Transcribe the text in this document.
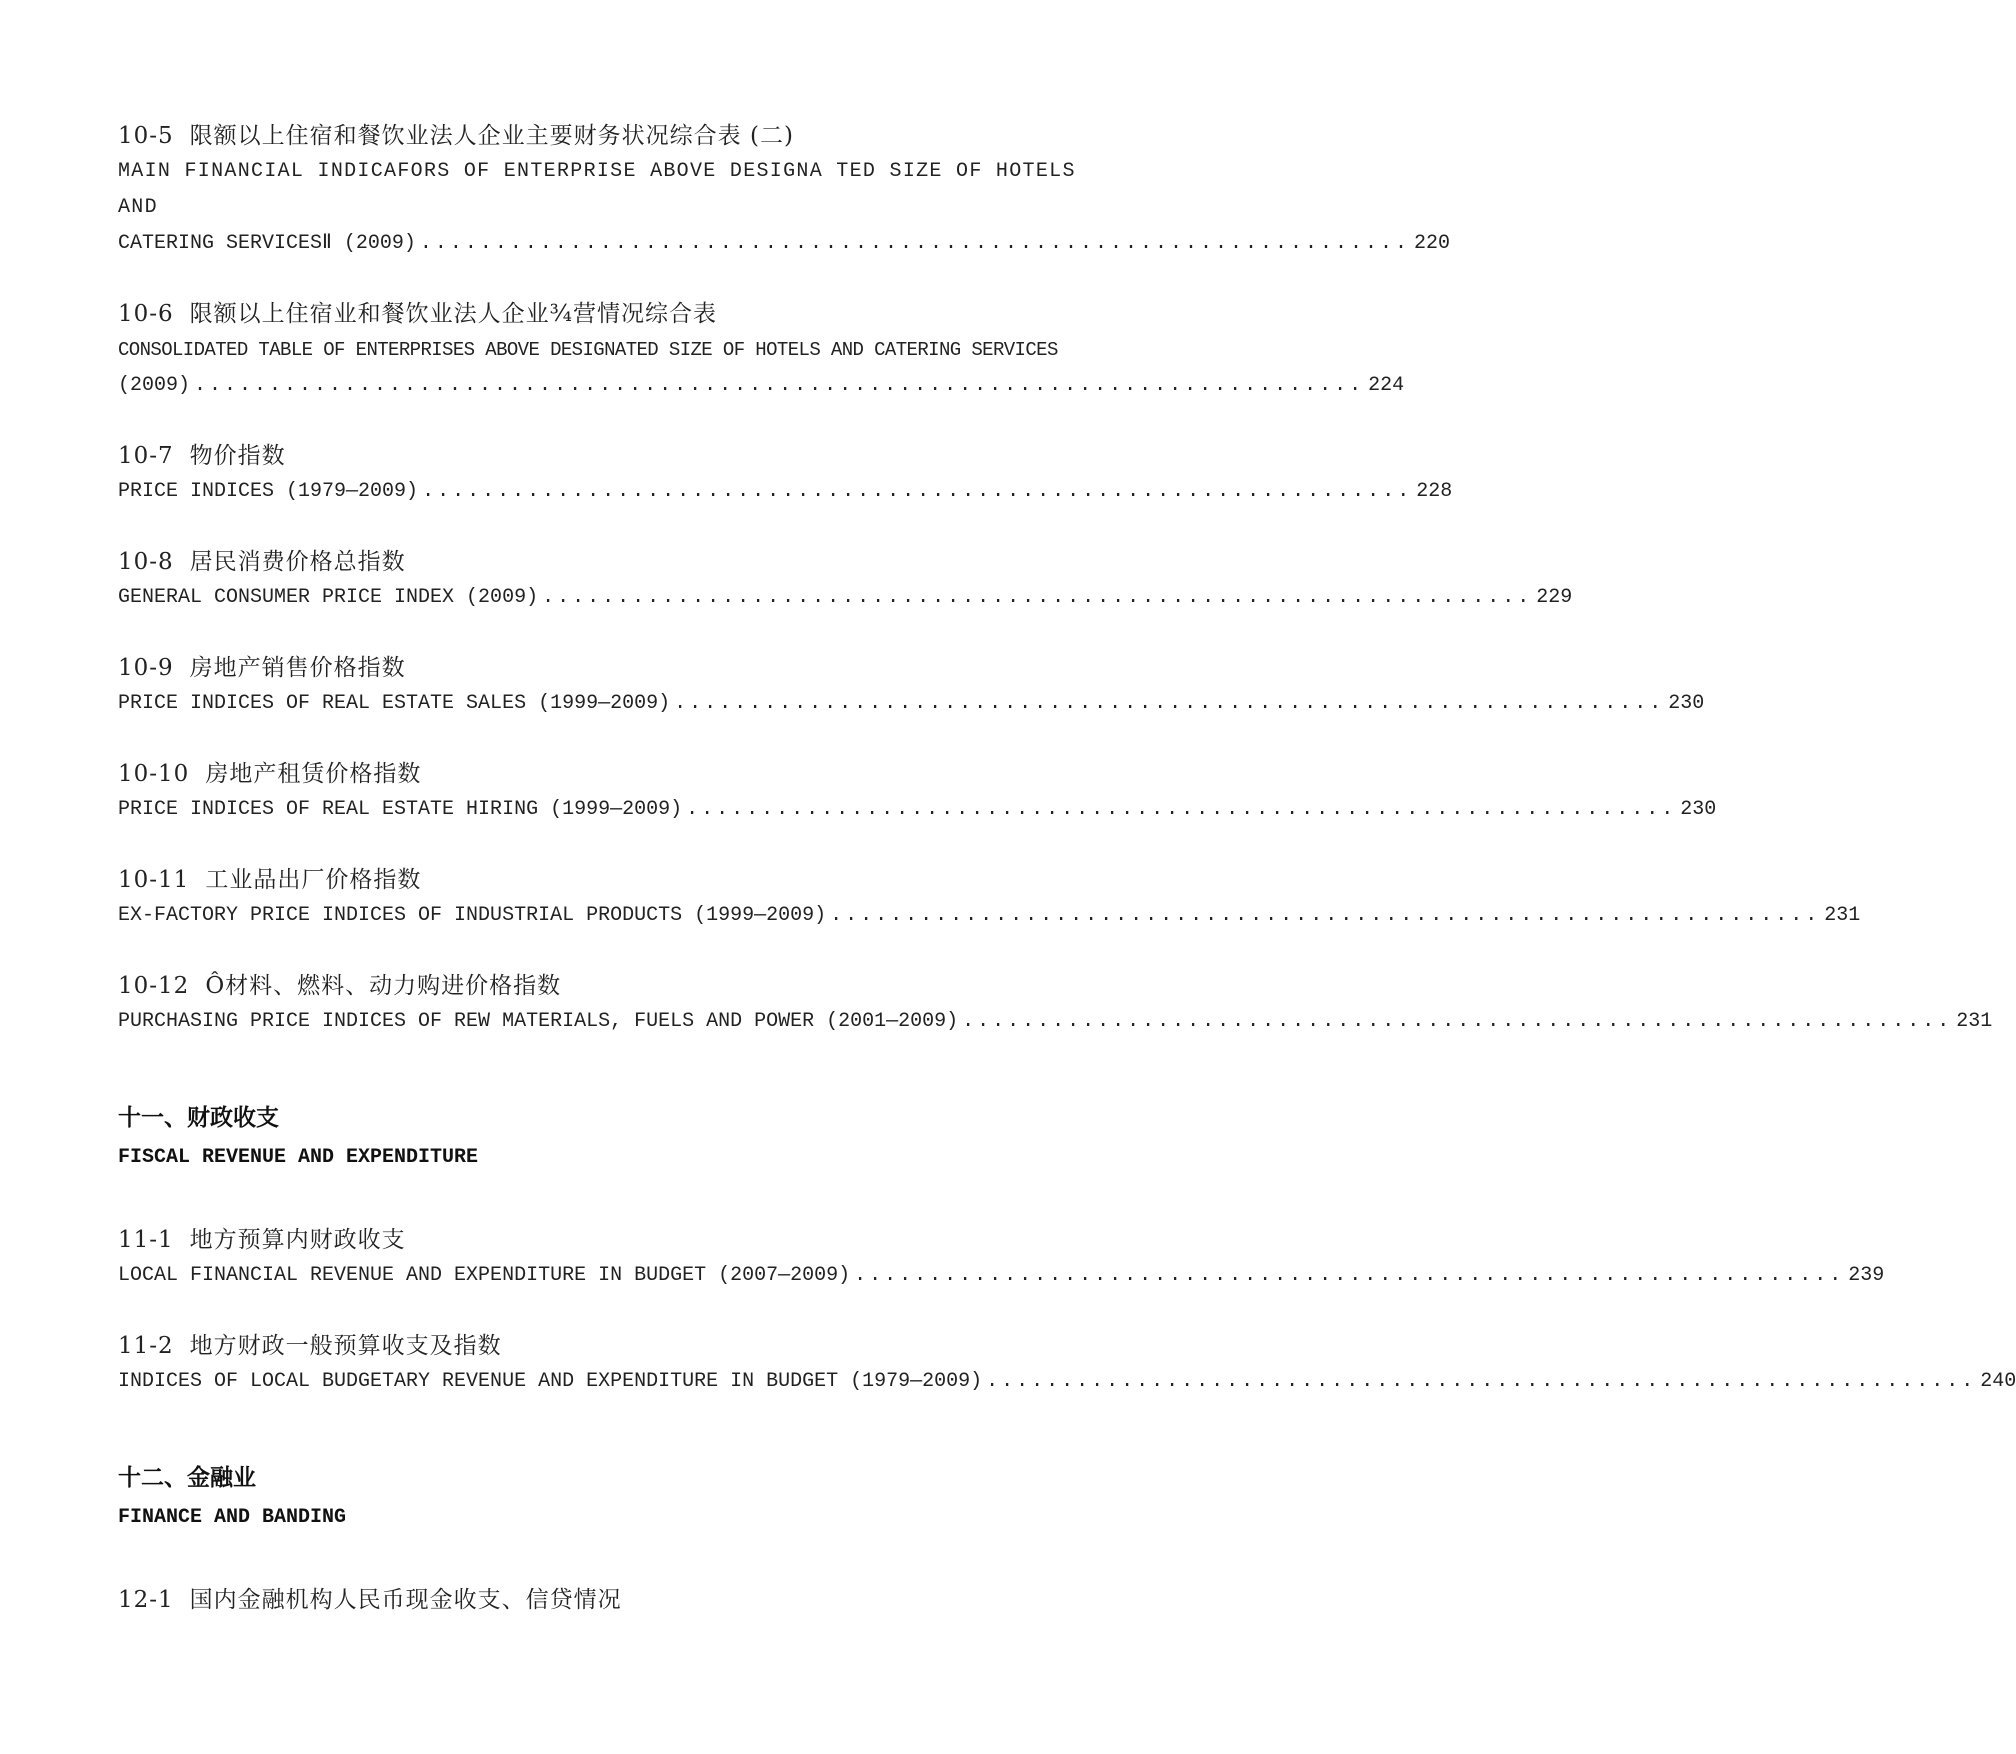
10-5 限额以上住宿和餐饮业法人企业主要财务状况综合表 (二)
MAIN FINANCIAL INDICAFORS OF ENTERPRISE ABOVE DESIGNA TED SIZE OF HOTELS AND
CATERING SERVICESⅡ (2009) .................................................................. 220
10-6 限额以上住宿业和餐饮业法人企业¾营情况综合表
CONSOLIDATED TABLE OF ENTERPRISES ABOVE DESIGNATED SIZE OF HOTELS AND CATERING SERVICES
(2009) .............................................................................. 224
10-7 物价指数
PRICE INDICES (1979—2009) .................................................................. 228
10-8 居民消费价格总指数
GENERAL CONSUMER PRICE INDEX (2009) .................................................................. 229
10-9 房地产销售价格指数
PRICE INDICES OF REAL ESTATE SALES (1999—2009) .................................................................. 230
10-10 房地产租赁价格指数
PRICE INDICES OF REAL ESTATE HIRING (1999—2009) .................................................................. 230
10-11 工业品出厂价格指数
EX-FACTORY PRICE INDICES OF INDUSTRIAL PRODUCTS (1999—2009) .................................................................. 231
10-12 Ô材料、燃料、动力购进价格指数
PURCHASING PRICE INDICES OF REW MATERIALS, FUELS AND POWER (2001—2009) .................................................................. 231
十一、财政收支
FISCAL REVENUE AND EXPENDITURE
11-1 地方预算内财政收支
LOCAL FINANCIAL REVENUE AND EXPENDITURE IN BUDGET (2007—2009) .................................................................. 239
11-2 地方财政一般预算收支及指数
INDICES OF LOCAL BUDGETARY REVENUE AND EXPENDITURE IN BUDGET (1979—2009) .................................................................. 240
十二、金融业
FINANCE AND BANDING
12-1 国内金融机构人民币现金收支、信贷情况
